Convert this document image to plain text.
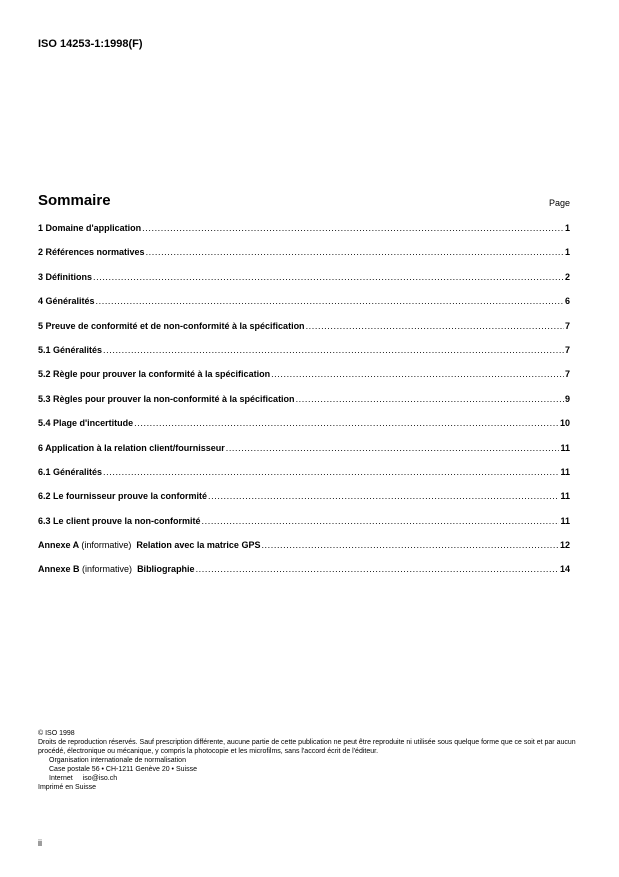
ISO 14253-1:1998(F)
Sommaire	Page
1 Domaine d'application .....	1
2 Références normatives .....	1
3 Définitions .....	2
4 Généralités .....	6
5 Preuve de conformité et de non-conformité à la spécification .....	7
5.1 Généralités .....	7
5.2 Règle pour prouver la conformité à la spécification .....	7
5.3 Règles pour prouver la non-conformité à la spécification .....	9
5.4 Plage d'incertitude .....	10
6 Application à la relation client/fournisseur .....	11
6.1 Généralités .....	11
6.2 Le fournisseur prouve la conformité .....	11
6.3 Le client prouve la non-conformité .....	11
Annexe A (informative) Relation avec la matrice GPS .....	12
Annexe B (informative) Bibliographie .....	14
© ISO 1998
Droits de reproduction réservés. Sauf prescription différente, aucune partie de cette publication ne peut être reproduite ni utilisée sous quelque forme que ce soit et par aucun procédé, électronique ou mécanique, y compris la photocopie et les microfilms, sans l'accord écrit de l'éditeur.
Organisation internationale de normalisation
Case postale 56 • CH-1211 Genève 20 • Suisse
Internet iso@iso.ch
Imprimé en Suisse
ii
